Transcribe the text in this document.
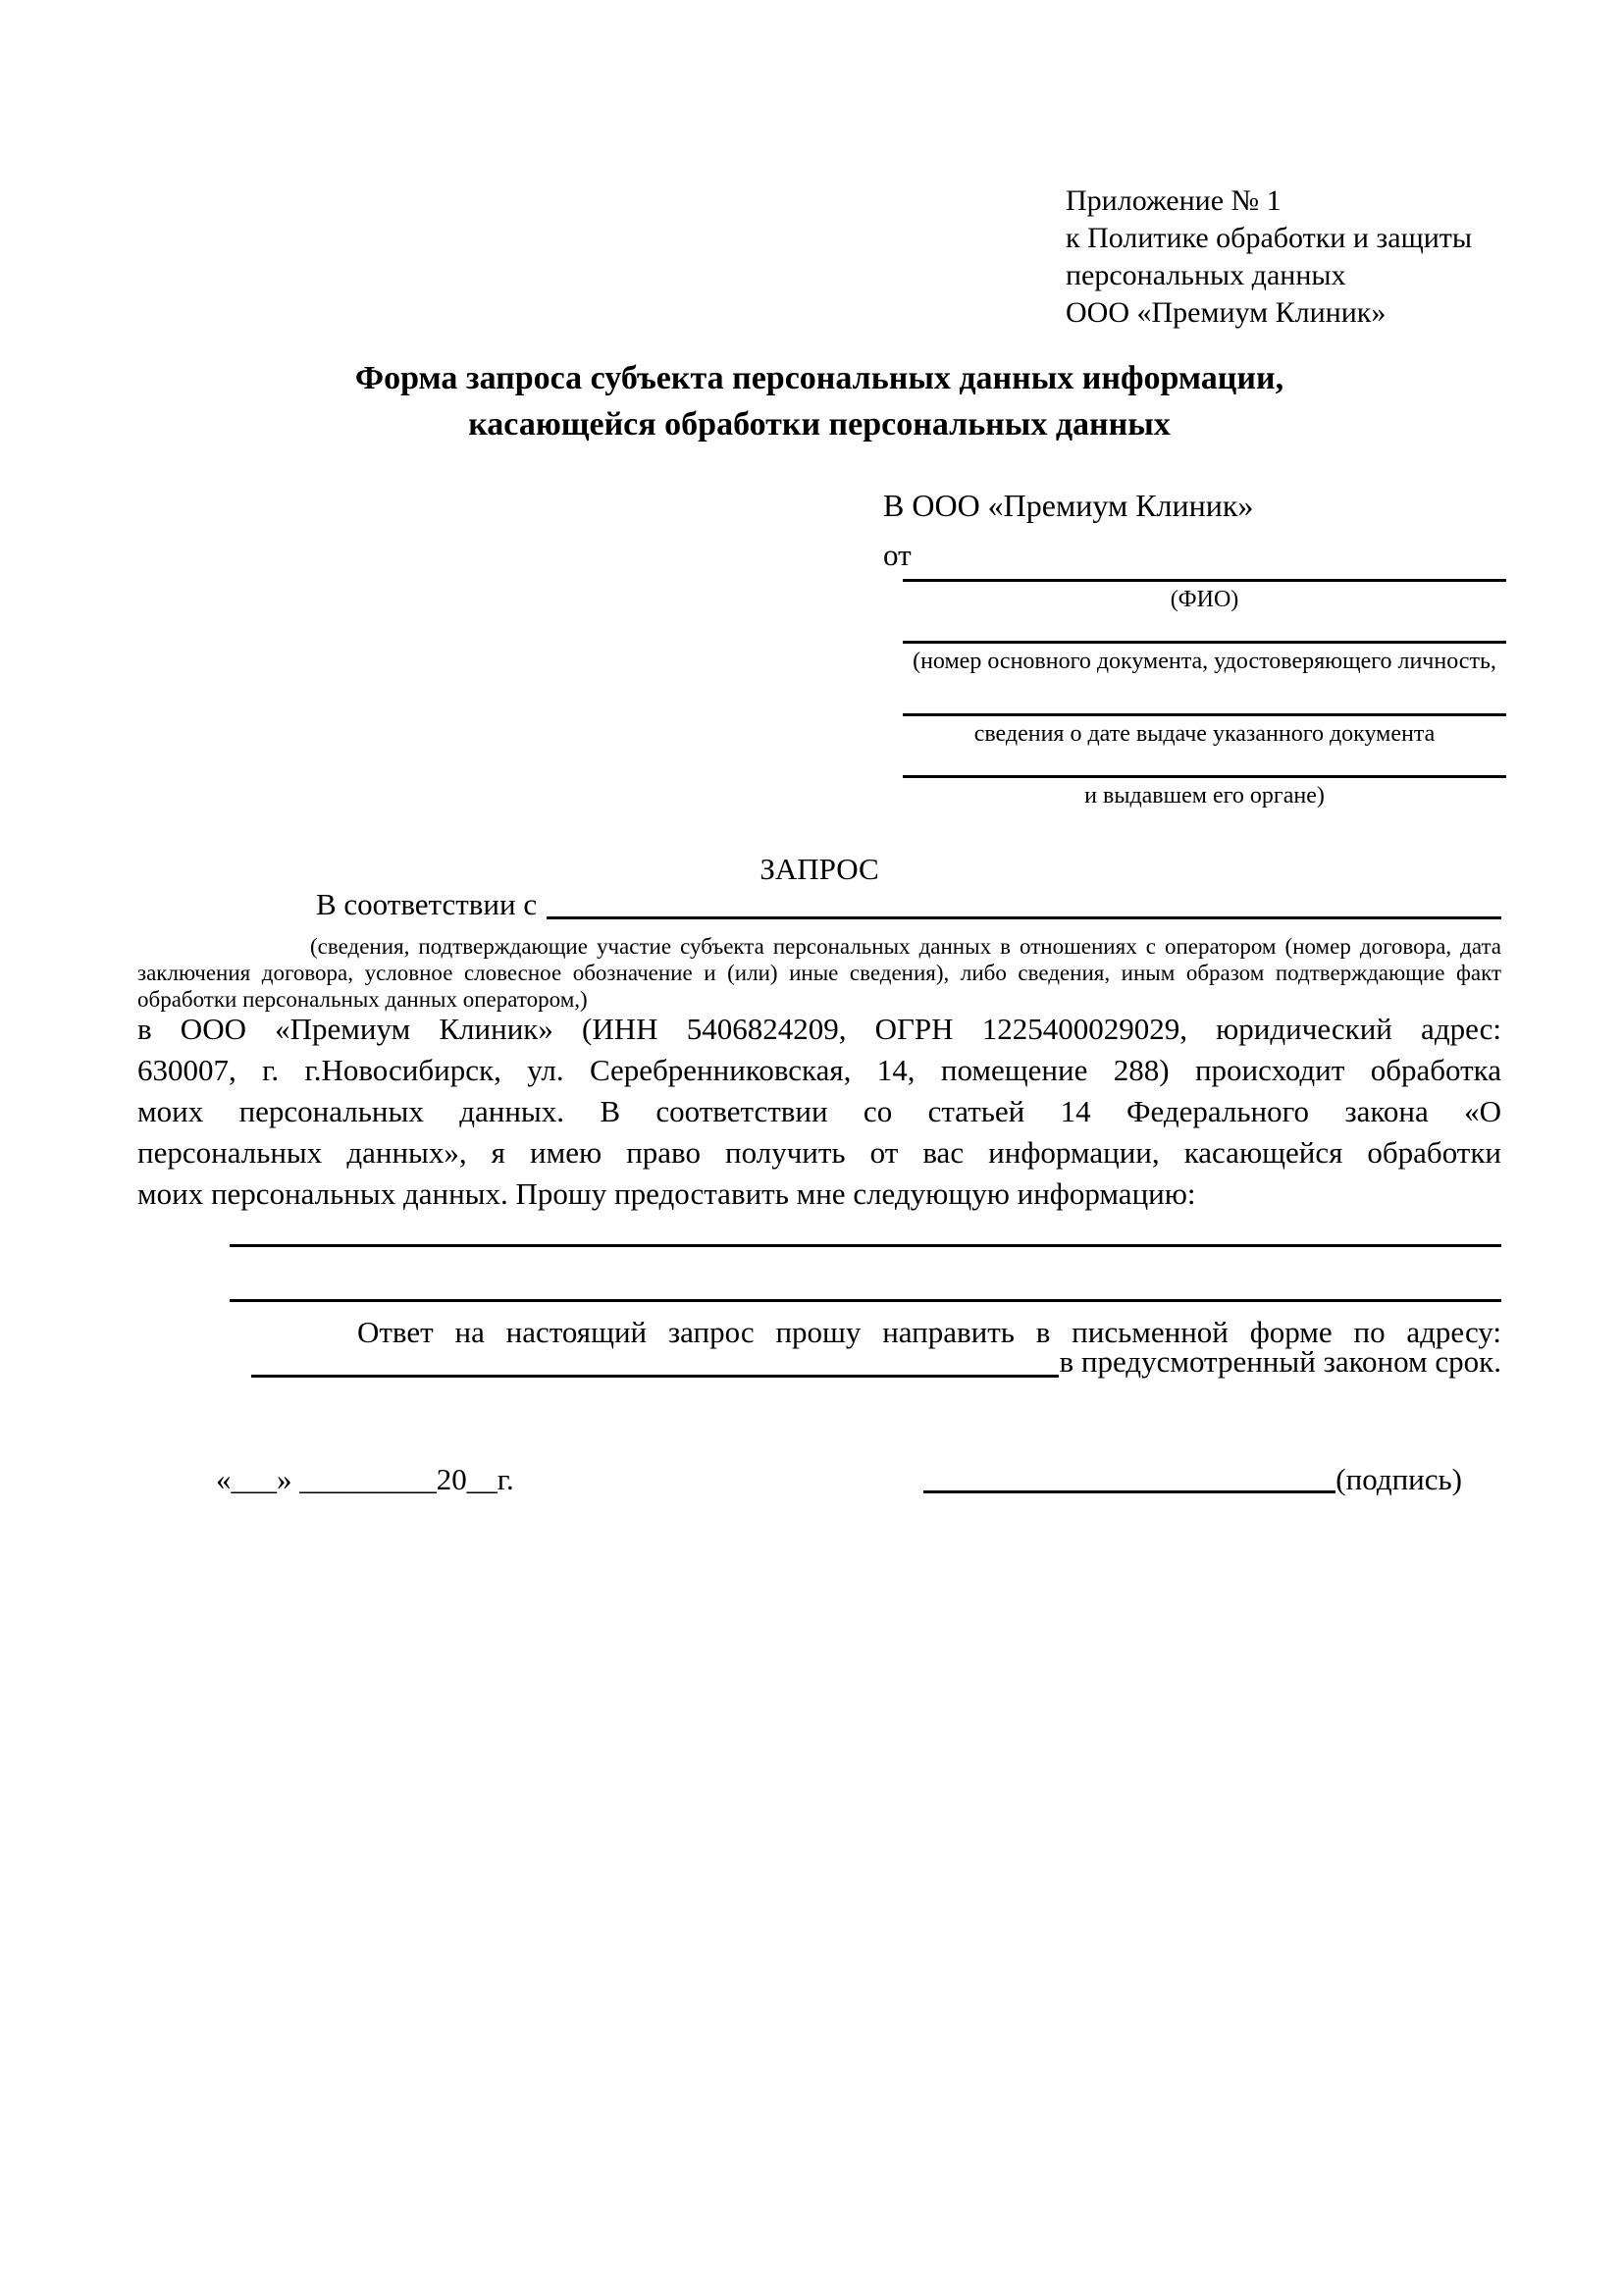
Приложение № 1
к Политике обработки и защиты
персональных данных
ООО «Премиум Клиник»
Форма запроса субъекта персональных данных информации,
касающейся обработки персональных данных
В ООО «Премиум Клиник»
от
(ФИО)
(номер основного документа, удостоверяющего личность,
сведения о дате выдаче указанного документа
и выдавшем его органе)
ЗАПРОС
В соответствии с
(сведения, подтверждающие участие субъекта персональных данных в отношениях с оператором (номер договора, дата
заключения договора, условное словесное обозначение и (или) иные сведения), либо сведения, иным образом подтверждающие факт
обработки персональных данных оператором,)
в ООО «Премиум Клиник» (ИНН 5406824209, ОГРН 1225400029029, юридический адрес:
630007, г. г.Новосибирск, ул. Серебренниковская, 14, помещение 288) происходит обработка
моих персональных данных. В соответствии со статьей 14 Федерального закона «О
персональных данных», я имею право получить от вас информации, касающейся обработки
моих персональных данных. Прошу предоставить мне следующую информацию:
Ответ на настоящий запрос прошу направить в письменной форме по адресу:
в предусмотренный законом срок.
«___» _________20__г.	(подпись)
